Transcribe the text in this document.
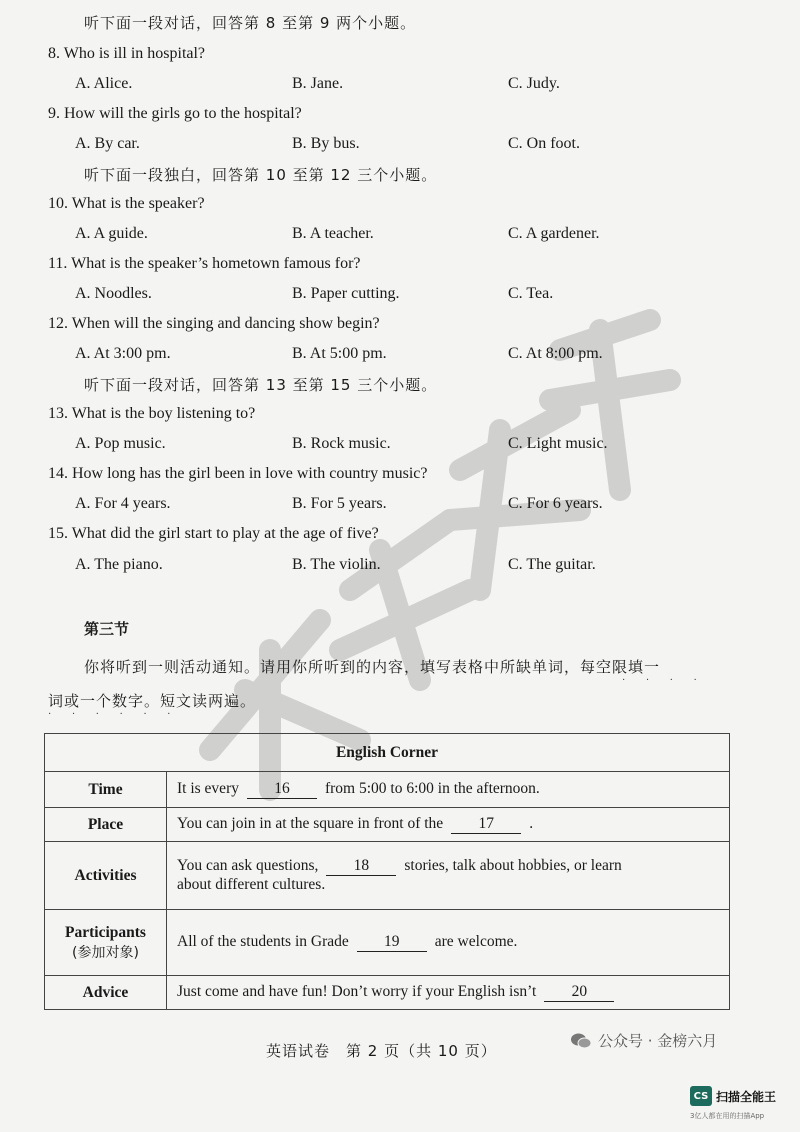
听下面一段对话，回答第 8 至第 9 两个小题。
8. Who is ill in hospital?
A. Alice.	B. Jane.	C. Judy.
9. How will the girls go to the hospital?
A. By car.	B. By bus.	C. On foot.
听下面一段独白，回答第 10 至第 12 三个小题。
10. What is the speaker?
A. A guide.	B. A teacher.	C. A gardener.
11. What is the speaker’s hometown famous for?
A. Noodles.	B. Paper cutting.	C. Tea.
12. When will the singing and dancing show begin?
A. At 3:00 pm.	B. At 5:00 pm.	C. At 8:00 pm.
听下面一段对话，回答第 13 至第 15 三个小题。
13. What is the boy listening to?
A. Pop music.	B. Rock music.	C. Light music.
14. How long has the girl been in love with country music?
A. For 4 years.	B. For 5 years.	C. For 6 years.
15. What did the girl start to play at the age of five?
A. The piano.	B. The violin.	C. The guitar.
第三节
你将听到一则活动通知。请用你所听到的内容，填写表格中所缺单词，每空限填一
词或一个数字。短文读两遍。
· · · ·
· · · · · ·
English Corner	
Time	It is every 16 from 5:00 to 6:00 in the afternoon.
Place	You can join in at the square in front of the 17 .
Activities	You can ask questions, 18 stories, talk about hobbies, or learn
about different cultures.

Participants
(参加对象)	All of the students in Grade 19 are welcome.
Advice	Just come and have fun! Don’t worry if your English isn’t 20
英语试卷　第 2 页（共 10 页）
公众号 · 金榜六月
CS 扫描全能王
3亿人都在用的扫描App
